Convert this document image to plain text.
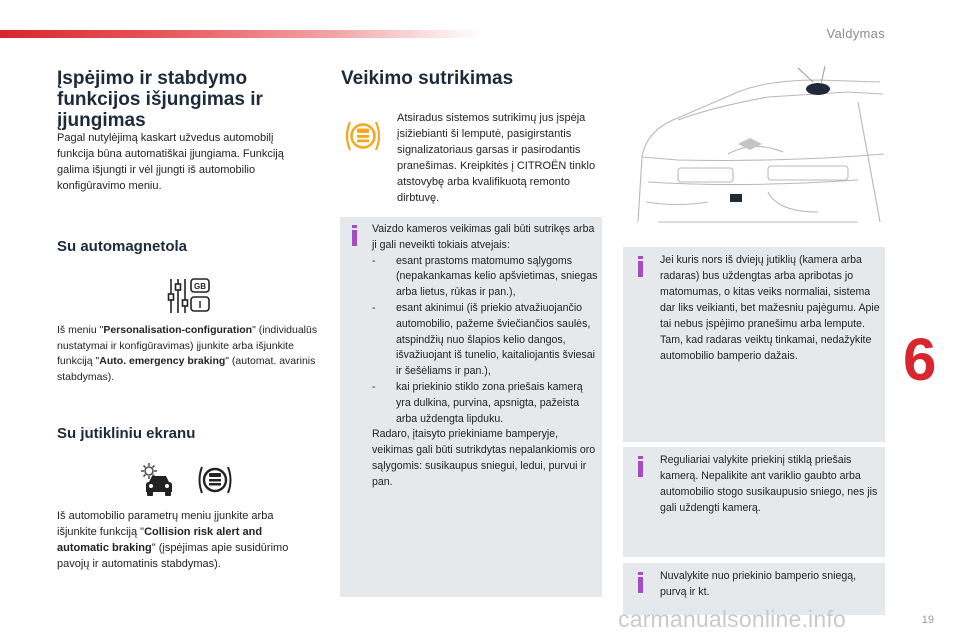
Valdymas
Įspėjimo ir stabdymo funkcijos išjungimas ir įjungimas
Pagal nutylėjimą kaskart užvedus automobilį funkcija būna automatiškai įjungiama. Funkciją galima išjungti ir vėl įjungti iš automobilio konfigūravimo meniu.
Su automagnetola
GB
I
Iš meniu "Personalisation-configuration" (individualūs nustatymai ir konfigūravimas) įjunkite arba išjunkite funkciją "Auto. emergency braking" (automat. avarinis stabdymas).
Su jutikliniu ekranu
Iš automobilio parametrų meniu įjunkite arba išjunkite funkciją "Collision risk alert and automatic braking" (įspėjimas apie susidūrimo pavojų ir automatinis stabdymas).
Veikimo sutrikimas
Atsiradus sistemos sutrikimų jus įspėja įsižiebianti ši lemputė, pasigirstantis signalizatoriaus garsas ir pasirodantis pranešimas. Kreipkitės į CITROËN tinklo atstovybę arba kvalifikuotą remonto dirbtuvę.
Vaizdo kameros veikimas gali būti sutrikęs arba ji gali neveikti tokiais atvejais:
- esant prastoms matomumo sąlygoms (nepakankamas kelio apšvietimas, sniegas arba lietus, rūkas ir pan.),
- esant akinimui (iš priekio atvažiuojančio automobilio, pažeme šviečiančios saulės, atspindžių nuo šlapios kelio dangos, išvažiuojant iš tunelio, kaitaliojantis šviesai ir šešėliams ir pan.),
- kai priekinio stiklo zona priešais kamerą yra dulkina, purvina, apsnigta, pažeista arba uždengta lipduku.
Radaro, įtaisyto priekiniame bamperyje, veikimas gali būti sutrikdytas nepalankiomis oro sąlygomis: susikaupus sniegui, ledui, purvui ir pan.
Jei kuris nors iš dviejų jutiklių (kamera arba radaras) bus uždengtas arba apribotas jo matomumas, o kitas veiks normaliai, sistema dar liks veikianti, bet mažesniu pajėgumu. Apie tai nebus įspėjimo pranešimu arba lempute. Tam, kad radaras veiktų tinkamai, nedažykite automobilio bamperio dažais.
Reguliariai valykite priekinį stiklą priešais kamerą. Nepalikite ant variklio gaubto arba automobilio stogo susikaupusio sniego, nes jis gali uždengti kamerą.
Nuvalykite nuo priekinio bamperio sniegą, purvą ir kt.
6
carmanualsonline.info	19
